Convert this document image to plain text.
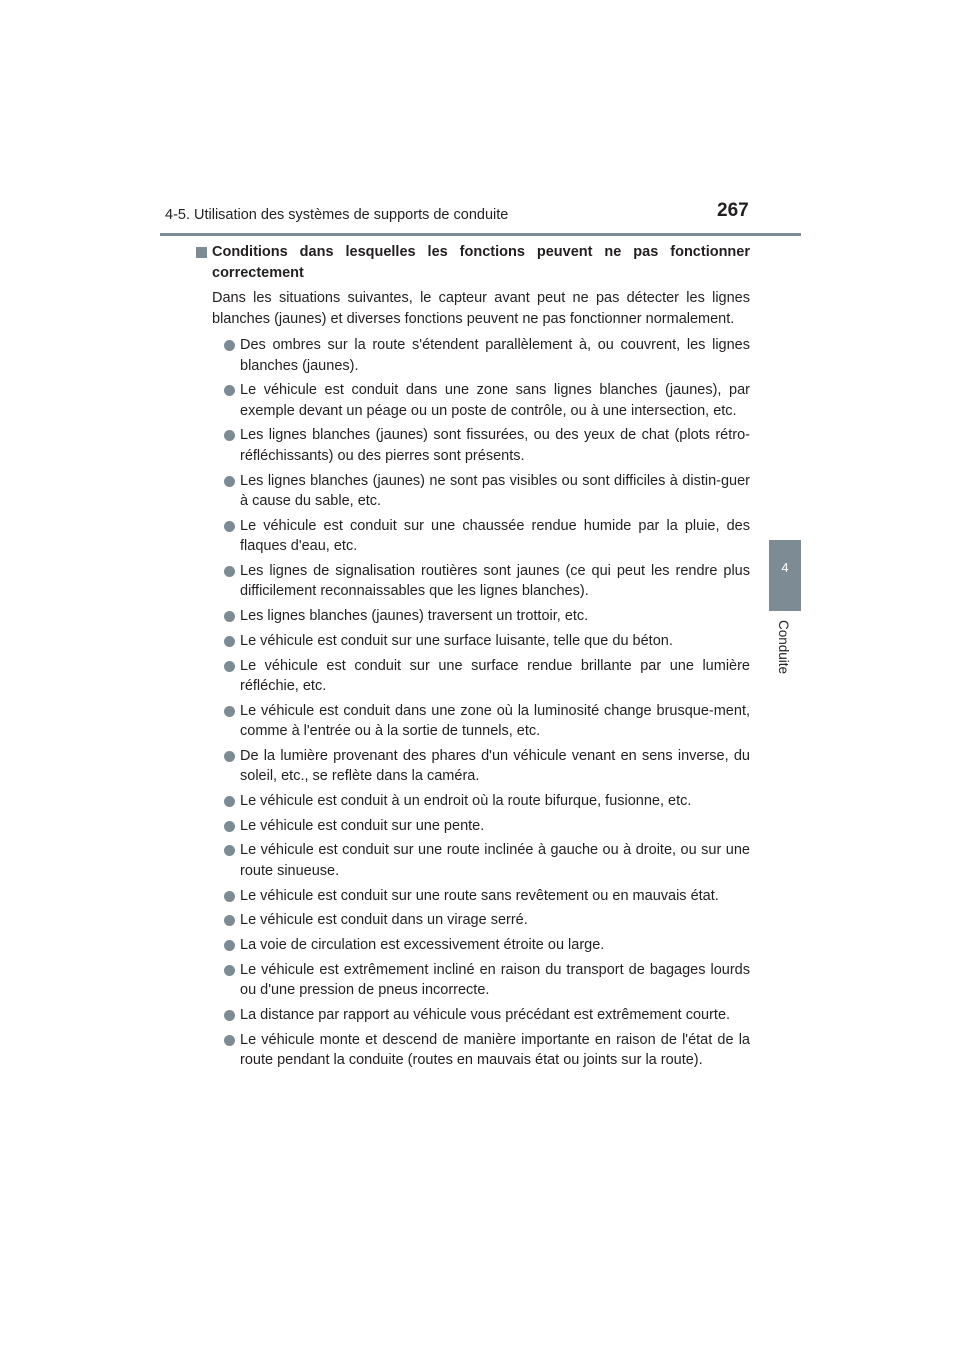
4-5. Utilisation des systèmes de supports de conduite	267
4
Conduite
Conditions dans lesquelles les fonctions peuvent ne pas fonctionner correctement

Dans les situations suivantes, le capteur avant peut ne pas détecter les lignes blanches (jaunes) et diverses fonctions peuvent ne pas fonctionner normalement.

Des ombres sur la route s'étendent parallèlement à, ou couvrent, les lignes blanches (jaunes).
Le véhicule est conduit dans une zone sans lignes blanches (jaunes), par exemple devant un péage ou un poste de contrôle, ou à une intersection, etc.
Les lignes blanches (jaunes) sont fissurées, ou des yeux de chat (plots rétro-réfléchissants) ou des pierres sont présents.
Les lignes blanches (jaunes) ne sont pas visibles ou sont difficiles à distin-guer à cause du sable, etc.
Le véhicule est conduit sur une chaussée rendue humide par la pluie, des flaques d'eau, etc.
Les lignes de signalisation routières sont jaunes (ce qui peut les rendre plus difficilement reconnaissables que les lignes blanches).
Les lignes blanches (jaunes) traversent un trottoir, etc.
Le véhicule est conduit sur une surface luisante, telle que du béton.
Le véhicule est conduit sur une surface rendue brillante par une lumière réfléchie, etc.
Le véhicule est conduit dans une zone où la luminosité change brusque-ment, comme à l'entrée ou à la sortie de tunnels, etc.
De la lumière provenant des phares d'un véhicule venant en sens inverse, du soleil, etc., se reflète dans la caméra.
Le véhicule est conduit à un endroit où la route bifurque, fusionne, etc.
Le véhicule est conduit sur une pente.
Le véhicule est conduit sur une route inclinée à gauche ou à droite, ou sur une route sinueuse.
Le véhicule est conduit sur une route sans revêtement ou en mauvais état.
Le véhicule est conduit dans un virage serré.
La voie de circulation est excessivement étroite ou large.
Le véhicule est extrêmement incliné en raison du transport de bagages lourds ou d'une pression de pneus incorrecte.
La distance par rapport au véhicule vous précédant est extrêmement courte.
Le véhicule monte et descend de manière importante en raison de l'état de la route pendant la conduite (routes en mauvais état ou joints sur la route).
